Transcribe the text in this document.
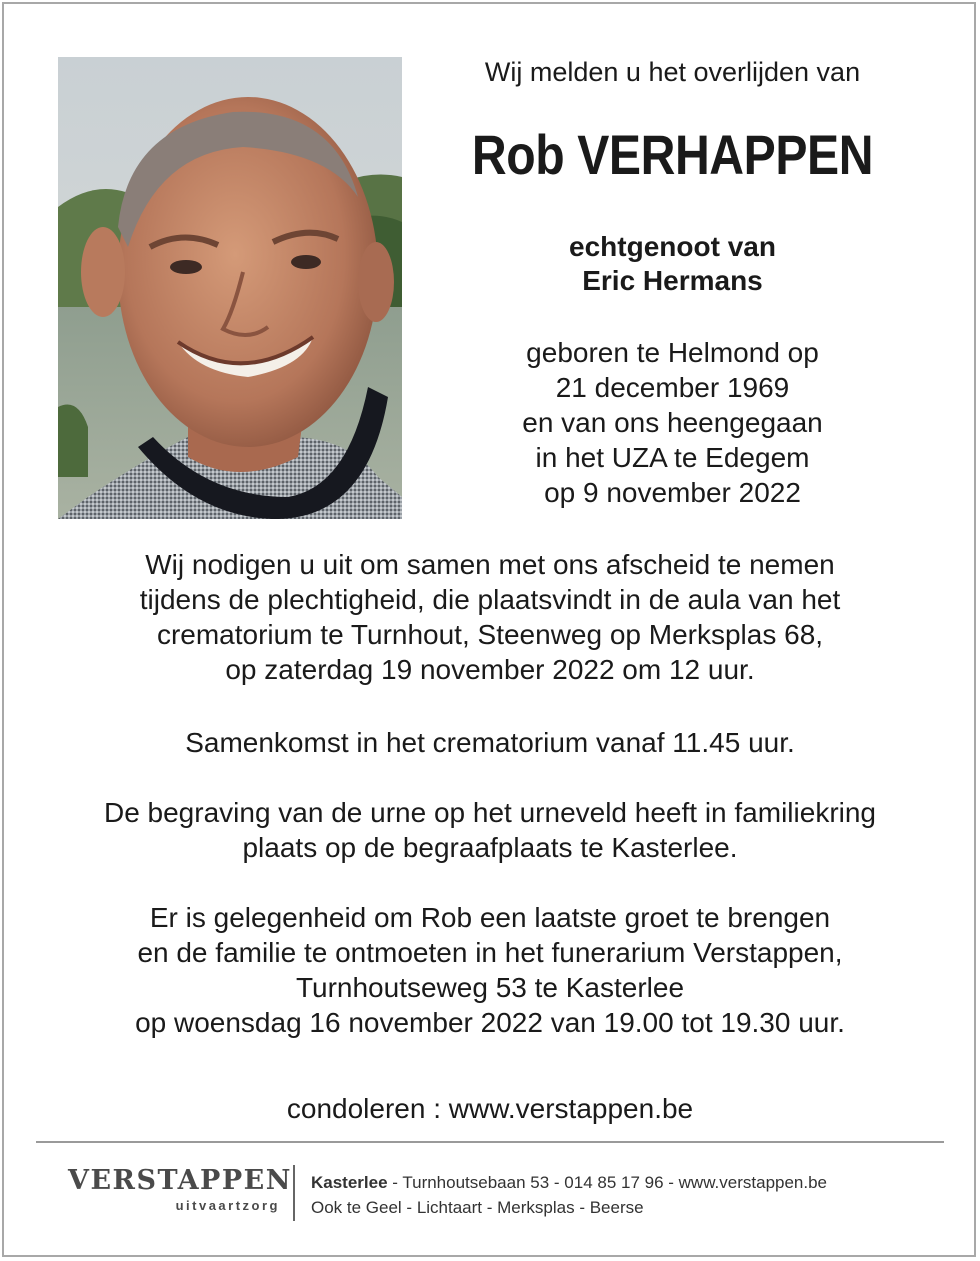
Wij melden u het overlijden van
Rob VERHAPPEN
echtgenoot van
Eric Hermans
geboren te Helmond op
21 december 1969
en van ons heengegaan
in het UZA te Edegem
op 9 november 2022
Wij nodigen u uit om samen met ons afscheid te nemen
tijdens de plechtigheid, die plaatsvindt in de aula van het
crematorium te Turnhout, Steenweg op Merksplas 68,
op zaterdag 19 november 2022 om 12 uur.
Samenkomst in het crematorium vanaf 11.45 uur.
De begraving van de urne op het urneveld heeft in familiekring
plaats op de begraafplaats te Kasterlee.
Er is gelegenheid om Rob een laatste groet te brengen
en de familie te ontmoeten in het funerarium Verstappen,
Turnhoutseweg 53 te Kasterlee
op woensdag 16 november 2022 van 19.00 tot 19.30 uur.
condoleren : www.verstappen.be
VERSTAPPEN
uitvaartzorg
Kasterlee - Turnhoutsebaan 53 - 014 85 17 96 - www.verstappen.be
Ook te Geel - Lichtaart - Merksplas - Beerse
